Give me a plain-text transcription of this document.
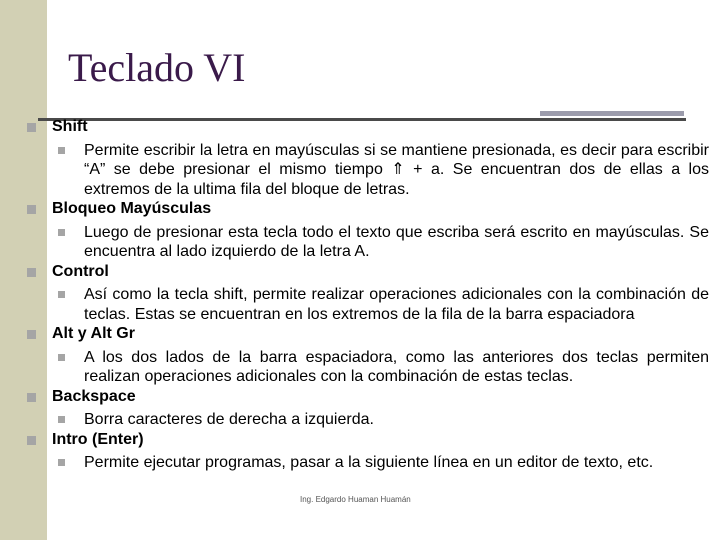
Teclado VI
Shift
Permite escribir la letra en mayúsculas si se mantiene presionada, es decir para escribir “A” se debe presionar el mismo tiempo ⇑ + a. Se encuentran dos de ellas a los extremos de la ultima fila del bloque de letras.
Bloqueo Mayúsculas
Luego de presionar esta tecla todo el texto que escriba será escrito en mayúsculas. Se encuentra al lado izquierdo de la letra A.
Control
Así como la tecla shift, permite realizar operaciones adicionales con la combinación de teclas. Estas se encuentran en los extremos de la fila de la barra espaciadora
Alt y Alt Gr
A los dos lados de la barra espaciadora, como las anteriores dos teclas permiten realizan operaciones adicionales con la combinación de estas teclas.
Backspace
Borra caracteres de derecha a izquierda.
Intro (Enter)
Permite ejecutar programas, pasar a la siguiente línea en un editor de texto, etc.
Ing. Edgardo Huaman Huamán
